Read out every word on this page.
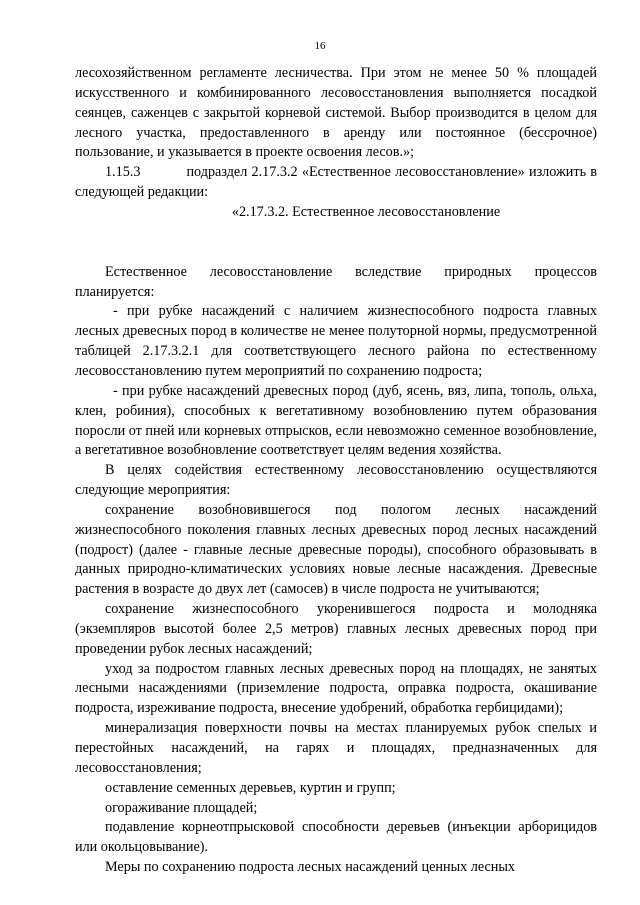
16

лесохозяйственном регламенте лесничества. При этом не менее 50 % площадей искусственного и комбинированного лесовосстановления выполняется посадкой сеянцев, саженцев с закрытой корневой системой. Выбор производится в целом для лесного участка, предоставленного в аренду или постоянное (бессрочное) пользование, и указывается в проекте освоения лесов.»;

1.15.3	подраздел 2.17.3.2 «Естественное лесовосстановление» изложить в следующей редакции:

«2.17.3.2. Естественное лесовосстановление

Естественное лесовосстановление вследствие природных процессов планируется:

- при рубке насаждений с наличием жизнеспособного подроста главных лесных древесных пород в количестве не менее полуторной нормы, предусмотренной таблицей 2.17.3.2.1 для соответствующего лесного района по естественному лесовосстановлению путем мероприятий по сохранению подроста;

- при рубке насаждений древесных пород (дуб, ясень, вяз, липа, тополь, ольха, клен, робиния), способных к вегетативному возобновлению путем образования поросли от пней или корневых отпрысков, если невозможно семенное возобновление, а вегетативное возобновление соответствует целям ведения хозяйства.

В целях содействия естественному лесовосстановлению осуществляются следующие мероприятия:

сохранение возобновившегося под пологом лесных насаждений жизнеспособного поколения главных лесных древесных пород лесных насаждений (подрост) (далее - главные лесные древесные породы), способного образовывать в данных природно-климатических условиях новые лесные насаждения. Древесные растения в возрасте до двух лет (самосев) в числе подроста не учитываются;

сохранение жизнеспособного укоренившегося подроста и молодняка (экземпляров высотой более 2,5 метров) главных лесных древесных пород при проведении рубок лесных насаждений;

уход за подростом главных лесных древесных пород на площадях, не занятых лесными насаждениями (приземление подроста, оправка подроста, окашивание подроста, изреживание подроста, внесение удобрений, обработка гербицидами);

минерализация поверхности почвы на местах планируемых рубок спелых и перестойных насаждений, на гарях и площадях, предназначенных для лесовосстановления;

оставление семенных деревьев, куртин и групп;

огораживание площадей;

подавление корнеотпрысковой способности деревьев (инъекции арборицидов или окольцовывание).

Меры по сохранению подроста лесных насаждений ценных лесных
